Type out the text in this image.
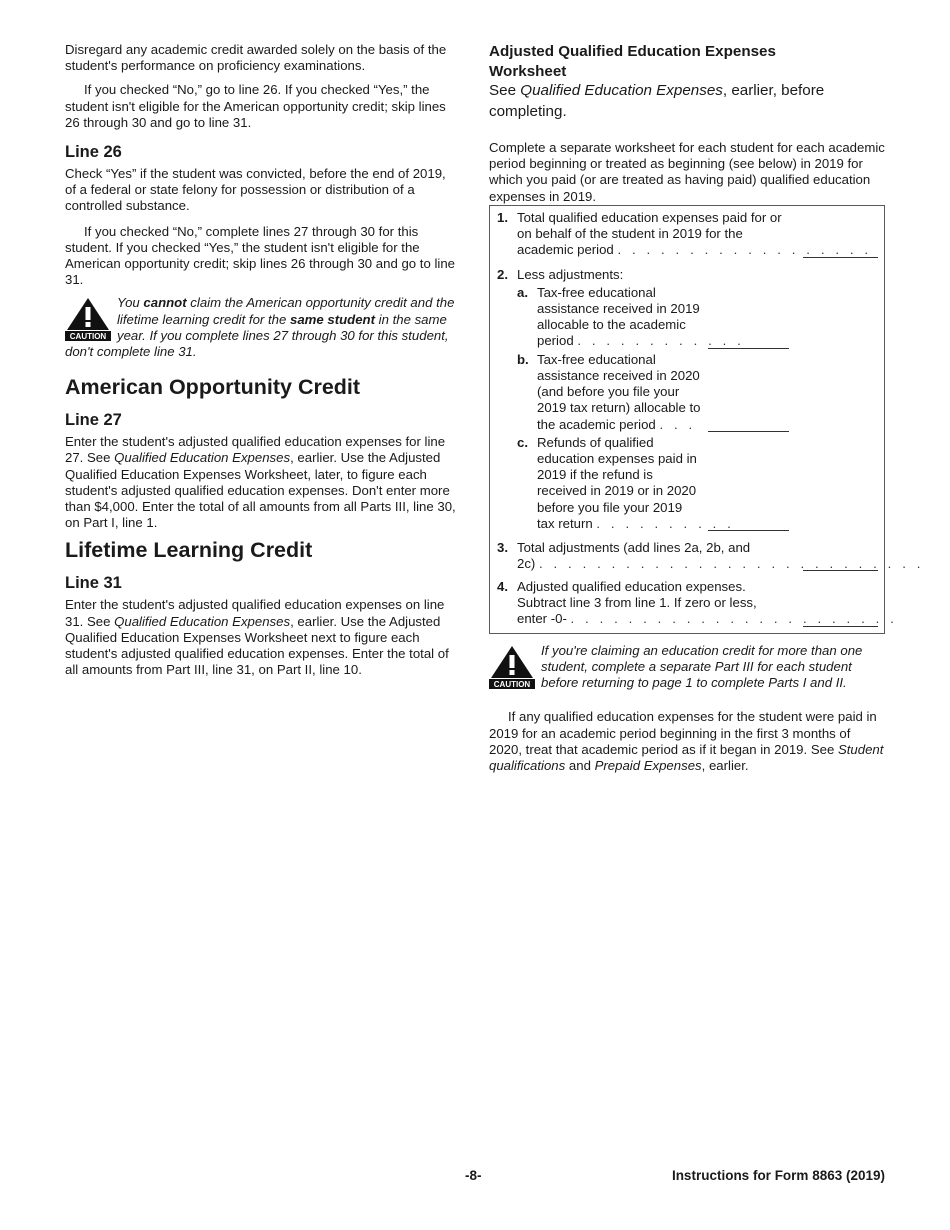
Disregard any academic credit awarded solely on the basis of the student's performance on proficiency examinations.

If you checked “No,” go to line 26. If you checked “Yes,” the student isn't eligible for the American opportunity credit; skip lines 26 through 30 and go to line 31.

Line 26

Check “Yes” if the student was convicted, before the end of 2019, of a federal or state felony for possession or distribution of a controlled substance.

If you checked “No,” complete lines 27 through 30 for this student. If you checked “Yes,” the student isn't eligible for the American opportunity credit; skip lines 26 through 30 and go to line 31.

CAUTION

You cannot claim the American opportunity credit and the lifetime learning credit for the same student in the same year. If you complete lines 27 through 30 for this student, don't complete line 31.

American Opportunity Credit
Line 27

Enter the student's adjusted qualified education expenses for line 27. See Qualified Education Expenses, earlier. Use the Adjusted Qualified Education Expenses Worksheet, later, to figure each student's adjusted qualified education expenses. Don't enter more than $4,000. Enter the total of all amounts from all Parts III, line 30, on Part I, line 1.

Lifetime Learning Credit
Line 31

Enter the student's adjusted qualified education expenses on line 31. See Qualified Education Expenses, earlier. Use the Adjusted Qualified Education Expenses Worksheet next to figure each student's adjusted qualified education expenses. Enter the total of all amounts from Part III, line 31, on Part II, line 10.

Adjusted Qualified Education Expenses
Worksheet

See Qualified Education Expenses, earlier, before completing.

Complete a separate worksheet for each student for each academic period beginning or treated as beginning (see below) in 2019 for which you paid (or are treated as having paid) qualified education expenses in 2019.

1. Total qualified education expenses paid for or
on behalf of the student in 2019 for the
academic period . . . . . . . . . . . . . . . . . .
2. Less adjustments:
a. Tax-free educational
assistance received in 2019
allocable to the academic
period . . . . . . . . . . . .
b. Tax-free educational
assistance received in 2020
(and before you file your
2019 tax return) allocable to
the academic period . . .
c. Refunds of qualified
education expenses paid in
2019 if the refund is
received in 2019 or in 2020
before you file your 2019
tax return . . . . . . . . . .
3. Total adjustments (add lines 2a, 2b, and
2c) . . . . . . . . . . . . . . . . . . . . . . . . . . .
4. Adjusted qualified education expenses.
Subtract line 3 from line 1. If zero or less,
enter -0- . . . . . . . . . . . . . . . . . . . . . . .
CAUTION

If you're claiming an education credit for more than one student, complete a separate Part III for each student before returning to page 1 to complete Parts I and II.

If any qualified education expenses for the student were paid in 2019 for an academic period beginning in the first 3 months of 2020, treat that academic period as if it began in 2019. See Student qualifications and Prepaid Expenses, earlier.

-8-	Instructions for Form 8863 (2019)
